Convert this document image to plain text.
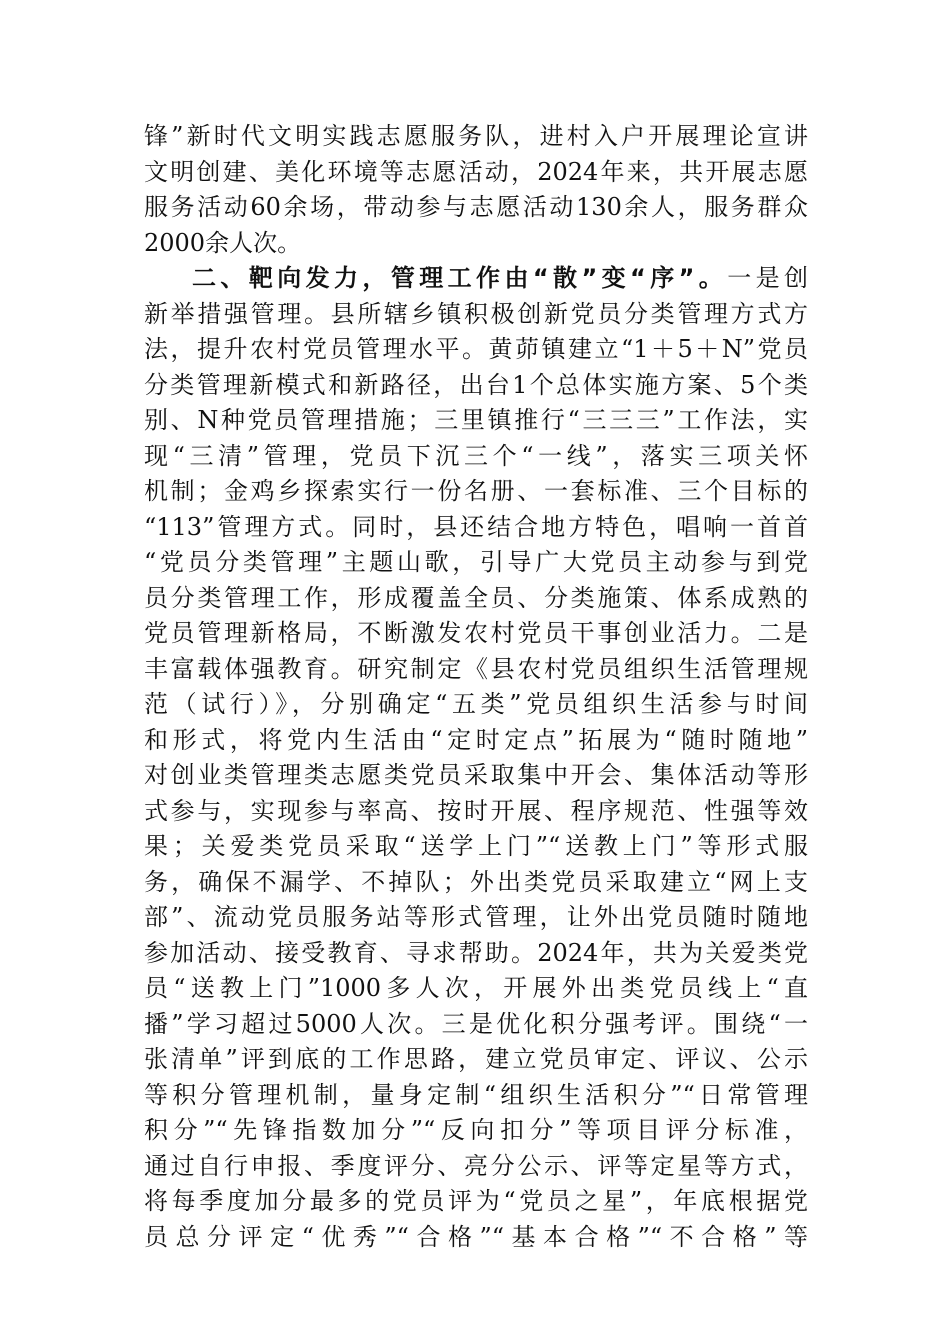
锋”新时代文明实践志愿服务队，进村入户开展理论宣讲
文明创建、美化环境等志愿活动，2024年来，共开展志愿
服务活动60余场，带动参与志愿活动130余人，服务群众
2000余人次。
二、靶向发力，管理工作由“散”变“序”。一是创
新举措强管理。县所辖乡镇积极创新党员分类管理方式方
法，提升农村党员管理水平。黄茆镇建立“1＋5＋N”党员
分类管理新模式和新路径，出台1个总体实施方案、5个类
别、N种党员管理措施；三里镇推行“三三三”工作法，实
现“三清”管理，党员下沉三个“一线”，落实三项关怀
机制；金鸡乡探索实行一份名册、一套标准、三个目标的
“113”管理方式。同时，县还结合地方特色，唱响一首首
“党员分类管理”主题山歌，引导广大党员主动参与到党
员分类管理工作，形成覆盖全员、分类施策、体系成熟的
党员管理新格局，不断激发农村党员干事创业活力。二是
丰富载体强教育。研究制定《县农村党员组织生活管理规
范（试行）》，分别确定“五类”党员组织生活参与时间
和形式，将党内生活由“定时定点”拓展为“随时随地”
对创业类管理类志愿类党员采取集中开会、集体活动等形
式参与，实现参与率高、按时开展、程序规范、性强等效
果；关爱类党员采取“送学上门”“送教上门”等形式服
务，确保不漏学、不掉队；外出类党员采取建立“网上支
部”、流动党员服务站等形式管理，让外出党员随时随地
参加活动、接受教育、寻求帮助。2024年，共为关爱类党
员“送教上门”1000多人次，开展外出类党员线上“直
播”学习超过5000人次。三是优化积分强考评。围绕“一
张清单”评到底的工作思路，建立党员审定、评议、公示
等积分管理机制，量身定制“组织生活积分”“日常管理
积分”“先锋指数加分”“反向扣分”等项目评分标准，
通过自行申报、季度评分、亮分公示、评等定星等方式，
将每季度加分最多的党员评为“党员之星”，年底根据党
员总分评定“优秀”“合格”“基本合格”“不合格”等
